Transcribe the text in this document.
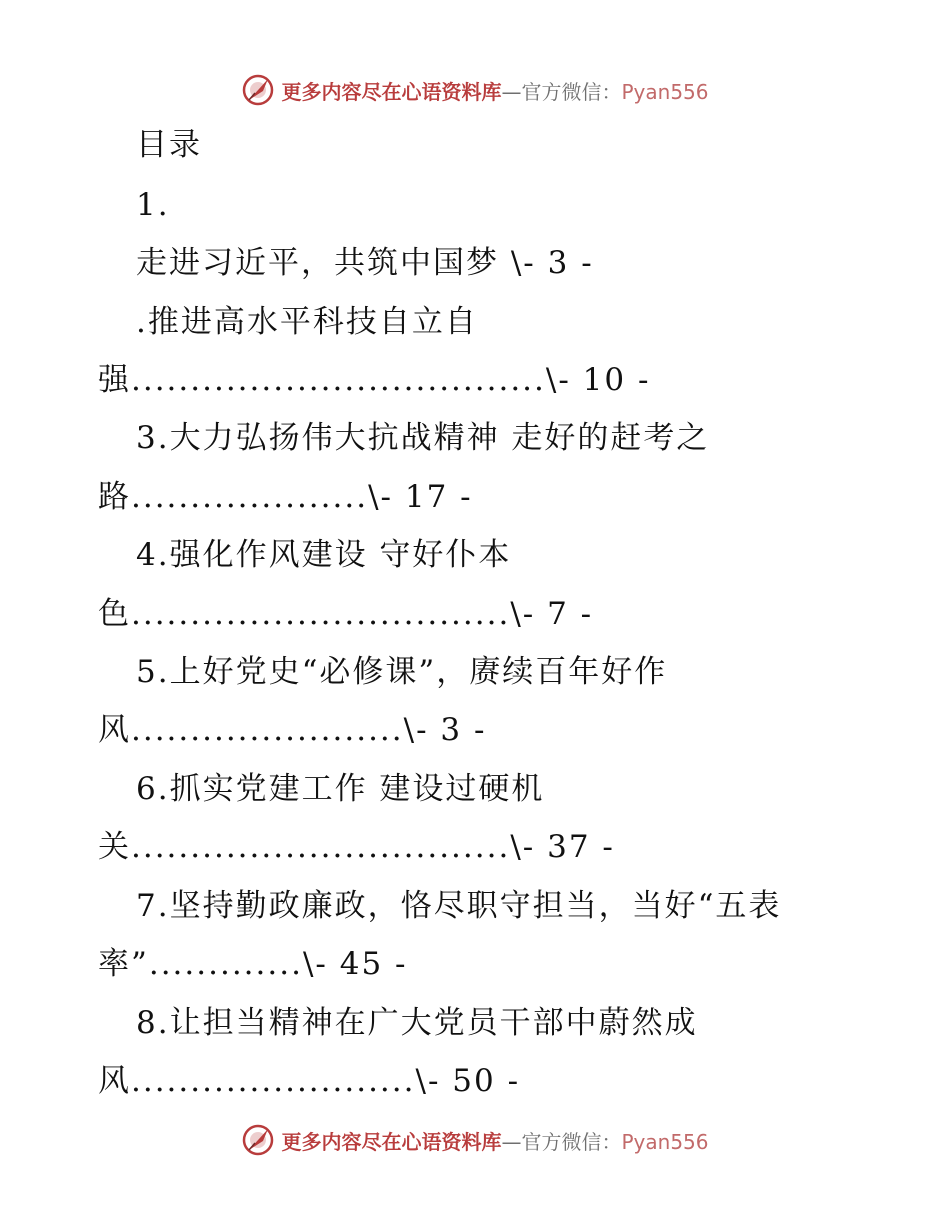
更多内容尽在心语资料库—官方微信：Pyan556
目录
1.
走进习近平，共筑中国梦 \- 3 -
.推进高水平科技自立自
强...................................\- 10 -
3.大力弘扬伟大抗战精神 走好的赶考之
路....................\- 17 -
4.强化作风建设 守好仆本
色................................\- 7 -
5.上好党史“必修课”，赓续百年好作
风.......................\- 3 -
6.抓实党建工作 建设过硬机
关................................\- 37 -
7.坚持勤政廉政，恪尽职守担当，当好“五表
率”.............\- 45 -
8.让担当精神在广大党员干部中蔚然成
风........................\- 50 -
更多内容尽在心语资料库—官方微信：Pyan556
